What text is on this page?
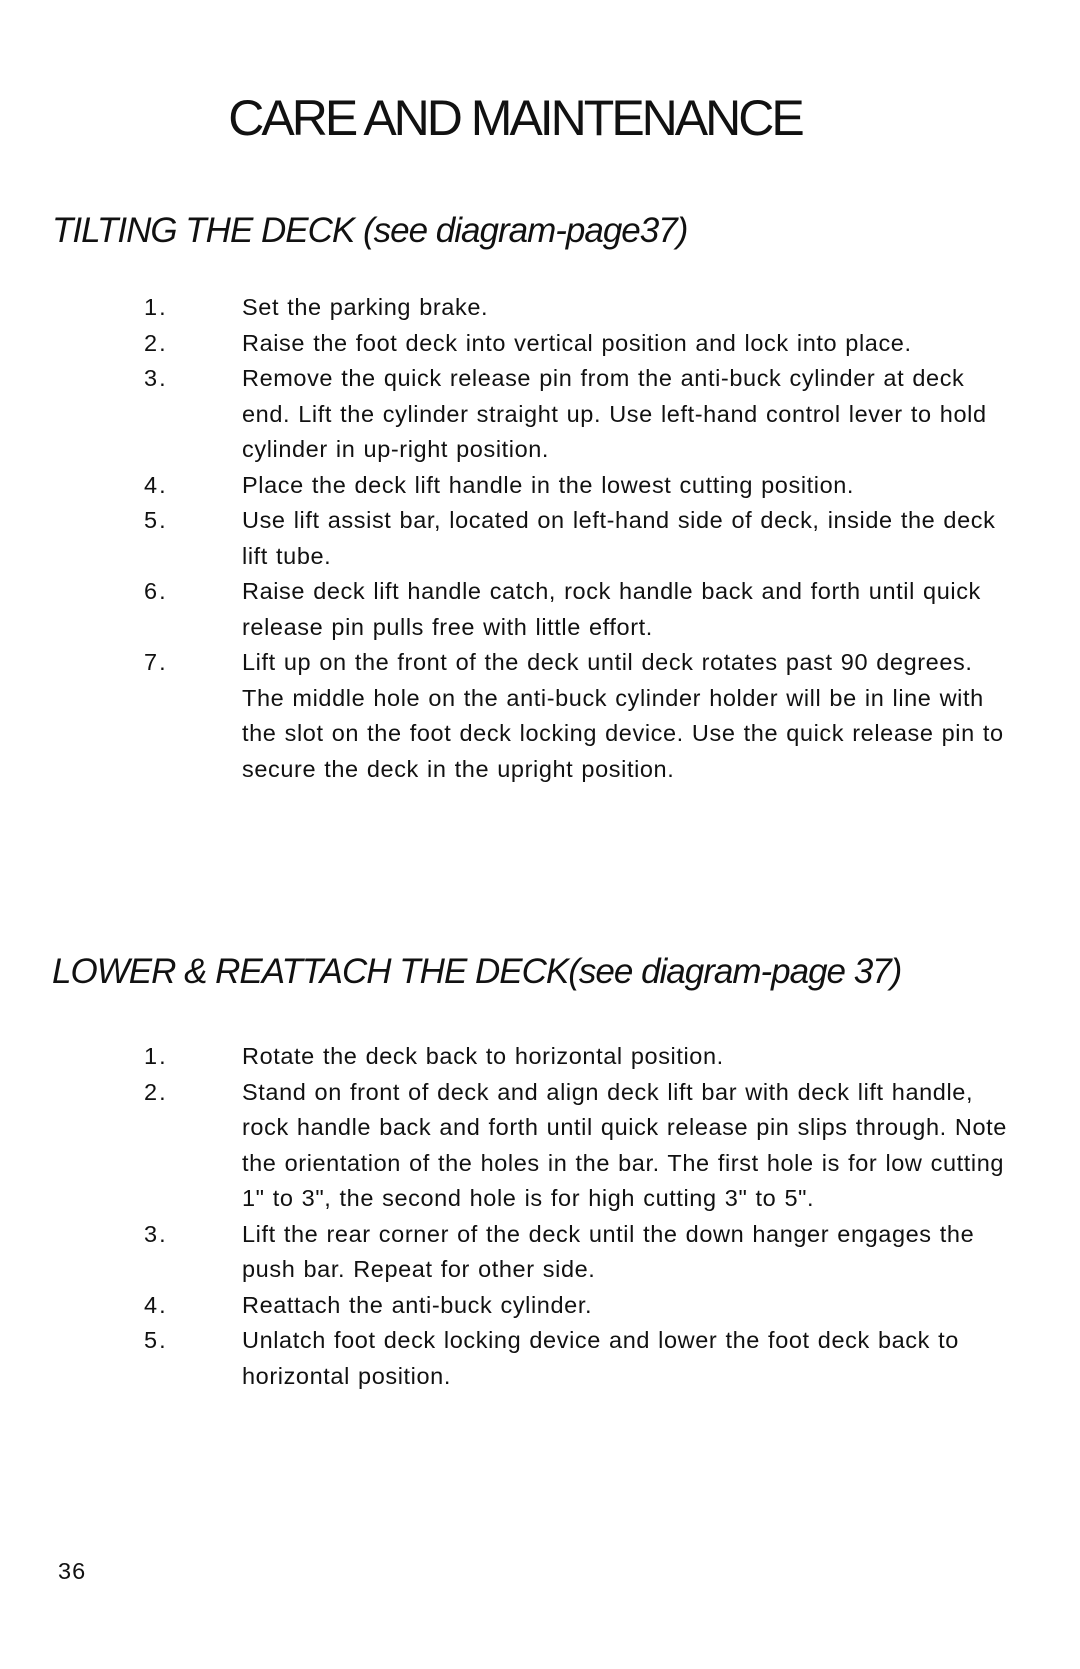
CARE AND MAINTENANCE
TILTING THE DECK (see diagram-page37)
1.	Set the parking brake.
2.	Raise the foot deck into vertical position and lock into place.
3.	Remove the quick release pin from the anti-buck cylinder at deck end. Lift the cylinder straight up. Use left-hand control lever to hold cylinder in up-right position.
4.	Place the deck lift handle in the lowest cutting position.
5.	Use lift assist bar, located on left-hand side of deck, inside the deck lift tube.
6.	Raise deck lift handle catch, rock handle back and forth until quick release pin pulls free with little effort.
7.	Lift up on the front of the deck until deck rotates past 90 degrees. The middle hole on the anti-buck cylinder holder will be in line with the slot on the foot deck locking device. Use the quick release pin to secure the deck in the upright position.
LOWER & REATTACH THE DECK(see diagram-page 37)
1.	Rotate the deck back to horizontal position.
2.	Stand on front of deck and align deck lift bar with deck lift handle, rock handle back and forth until quick release pin slips through. Note the orientation of the holes in the bar. The first hole is for low cutting 1" to 3", the second hole is for high cutting 3" to 5".
3.	Lift the rear corner of the deck until the down hanger engages the push bar. Repeat for other side.
4.	Reattach the anti-buck cylinder.
5.	Unlatch foot deck locking device and lower the foot deck back to horizontal position.
36
